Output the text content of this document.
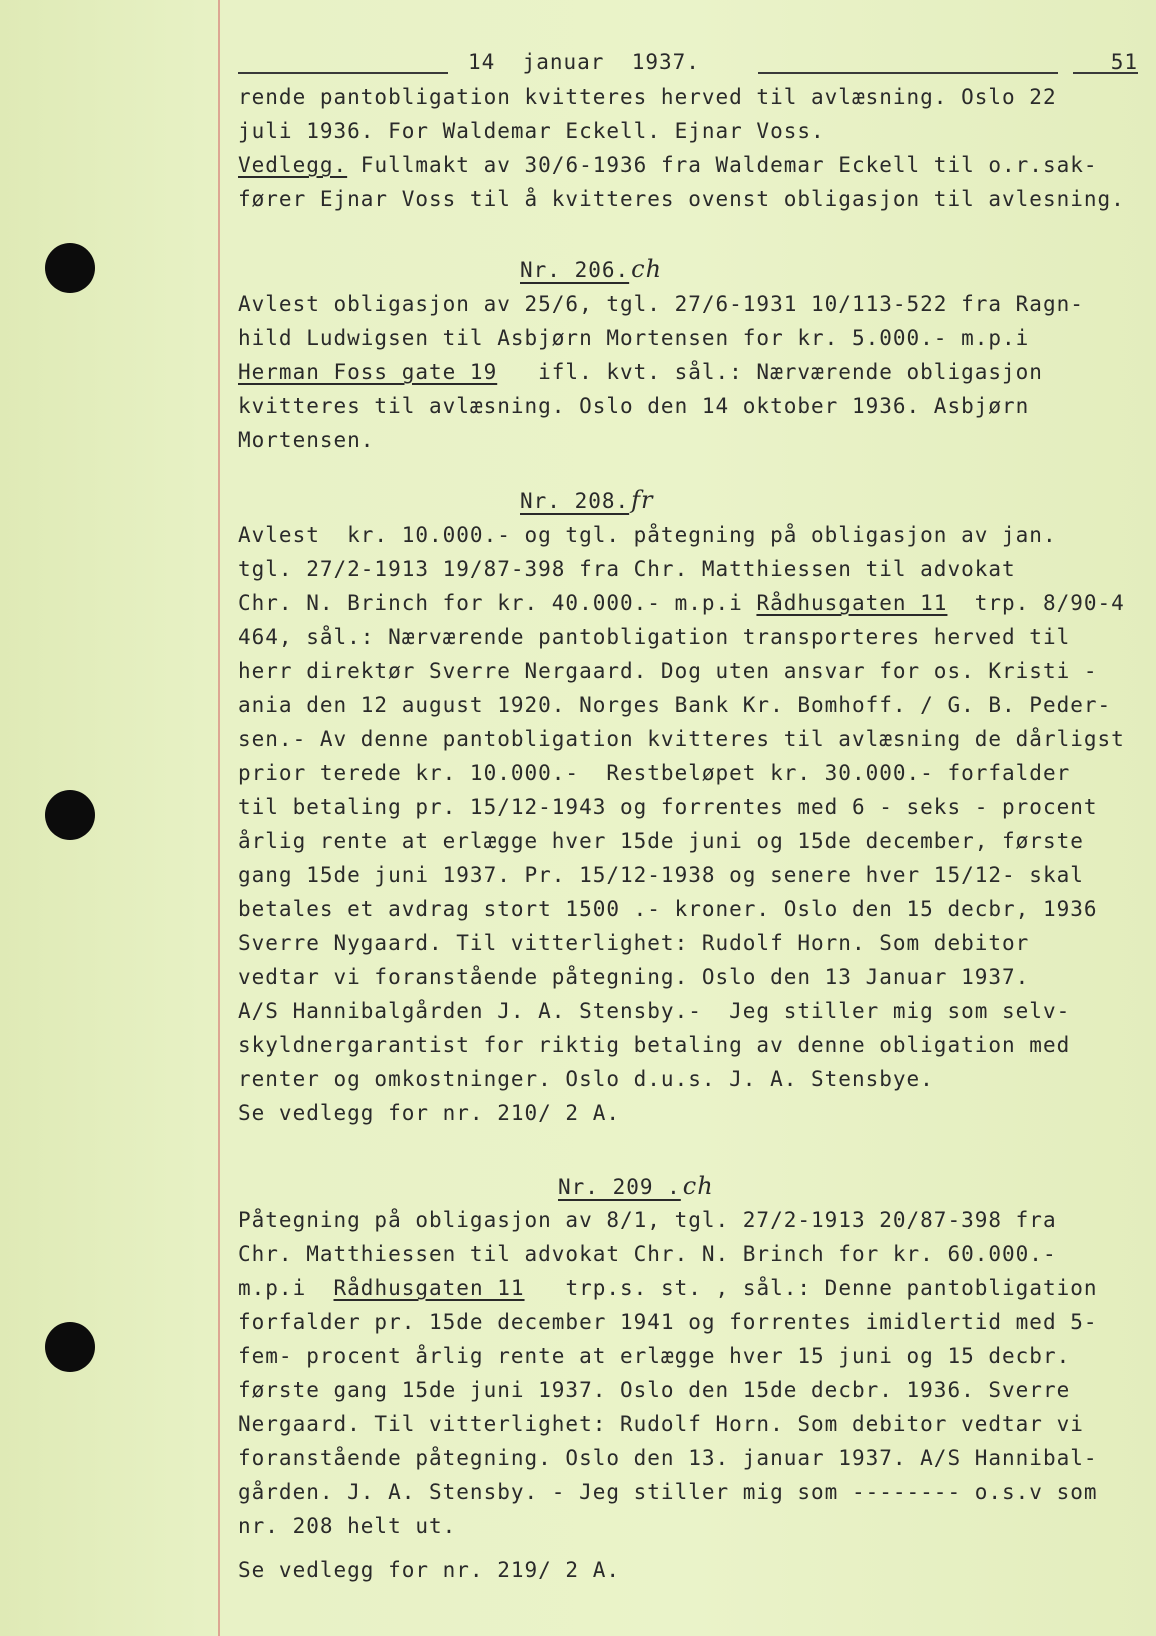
14  januar  1937.	51
rende pantobligation kvitteres herved til avlæsning. Oslo 22
juli 1936. For Waldemar Eckell. Ejnar Voss.
Vedlegg. Fullmakt av 30/6-1936 fra Waldemar Eckell til o.r.sak-
fører Ejnar Voss til å kvitteres ovenst obligasjon til avlesning.
Nr. 206.ch
Avlest obligasjon av 25/6, tgl. 27/6-1931 10/113-522 fra Ragn-
hild Ludwigsen til Asbjørn Mortensen for kr. 5.000.- m.p.i
Herman Foss gate 19   ifl. kvt. sål.: Nærværende obligasjon
kvitteres til avlæsning. Oslo den 14 oktober 1936. Asbjørn
Mortensen.
Nr. 208.fr
Avlest  kr. 10.000.- og tgl. påtegning på obligasjon av jan.
tgl. 27/2-1913 19/87-398 fra Chr. Matthiessen til advokat
Chr. N. Brinch for kr. 40.000.- m.p.i Rådhusgaten 11  trp. 8/90-4
464, sål.: Nærværende pantobligation transporteres herved til
herr direktør Sverre Nergaard. Dog uten ansvar for os. Kristi -
ania den 12 august 1920. Norges Bank Kr. Bomhoff. / G. B. Peder-
sen.- Av denne pantobligation kvitteres til avlæsning de dårligst
prior terede kr. 10.000.-  Restbeløpet kr. 30.000.- forfalder
til betaling pr. 15/12-1943 og forrentes med 6 - seks - procent
årlig rente at erlægge hver 15de juni og 15de december, første
gang 15de juni 1937. Pr. 15/12-1938 og senere hver 15/12- skal
betales et avdrag stort 1500 .- kroner. Oslo den 15 decbr, 1936
Sverre Nygaard. Til vitterlighet: Rudolf Horn. Som debitor
vedtar vi foranstående påtegning. Oslo den 13 Januar 1937.
A/S Hannibalgården J. A. Stensby.-  Jeg stiller mig som selv-
skyldnergarantist for riktig betaling av denne obligation med
renter og omkostninger. Oslo d.u.s. J. A. Stensbye.
Se vedlegg for nr. 210/ 2 A.
Nr. 209 .ch
Påtegning på obligasjon av 8/1, tgl. 27/2-1913 20/87-398 fra
Chr. Matthiessen til advokat Chr. N. Brinch for kr. 60.000.-
m.p.i  Rådhusgaten 11   trp.s. st. , sål.: Denne pantobligation
forfalder pr. 15de december 1941 og forrentes imidlertid med 5-
fem- procent årlig rente at erlægge hver 15 juni og 15 decbr.
første gang 15de juni 1937. Oslo den 15de decbr. 1936. Sverre
Nergaard. Til vitterlighet: Rudolf Horn. Som debitor vedtar vi
foranstående påtegning. Oslo den 13. januar 1937. A/S Hannibal-
gården. J. A. Stensby. - Jeg stiller mig som -------- o.s.v som
nr. 208 helt ut.
Se vedlegg for nr. 219/ 2 A.
